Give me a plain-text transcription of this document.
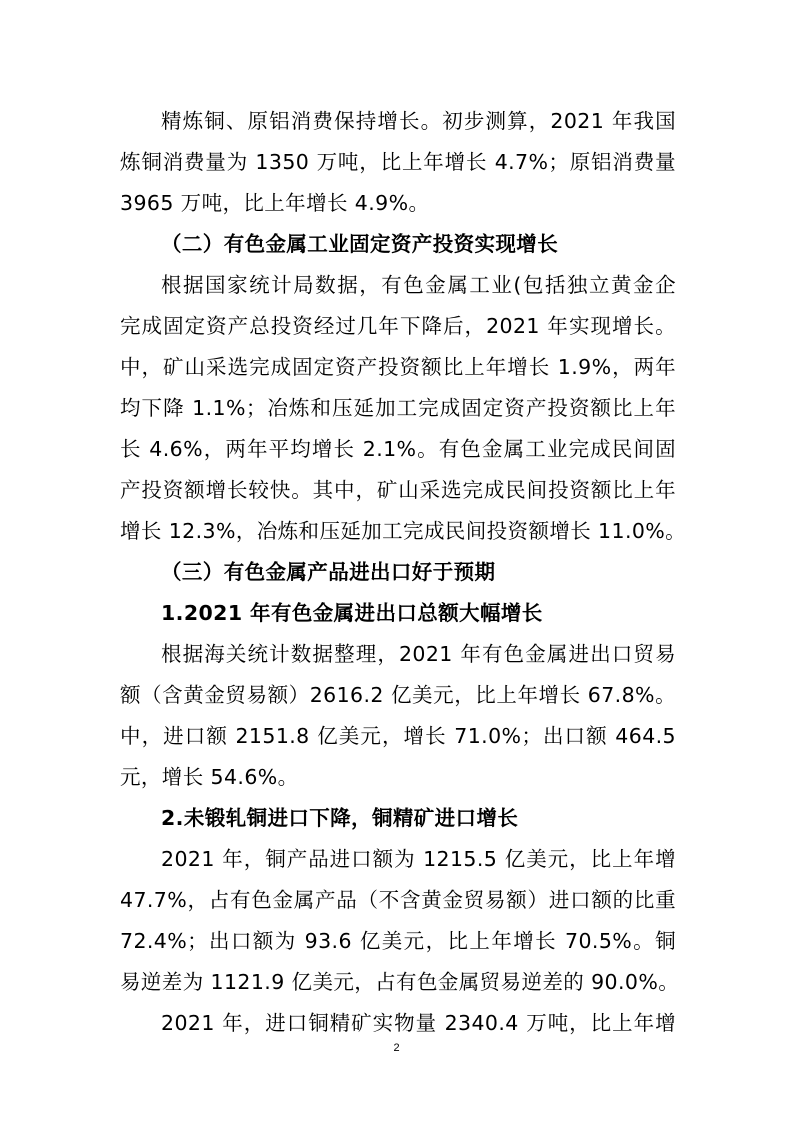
精炼铜、原铝消费保持增长。初步测算，2021 年我国
炼铜消费量为 1350 万吨，比上年增长 4.7%；原铝消费量
3965 万吨，比上年增长 4.9%。
（二）有色金属工业固定资产投资实现增长
根据国家统计局数据，有色金属工业(包括独立黄金企
完成固定资产总投资经过几年下降后，2021 年实现增长。
中，矿山采选完成固定资产投资额比上年增长 1.9%，两年
均下降 1.1%；冶炼和压延加工完成固定资产投资额比上年
长 4.6%，两年平均增长 2.1%。有色金属工业完成民间固
产投资额增长较快。其中，矿山采选完成民间投资额比上年
增长 12.3%，冶炼和压延加工完成民间投资额增长 11.0%。
（三）有色金属产品进出口好于预期
1.2021 年有色金属进出口总额大幅增长
根据海关统计数据整理，2021 年有色金属进出口贸易
额（含黄金贸易额）2616.2 亿美元，比上年增长 67.8%。
中，进口额 2151.8 亿美元，增长 71.0%；出口额 464.5
元，增长 54.6%。
2.未锻轧铜进口下降，铜精矿进口增长
2021 年，铜产品进口额为 1215.5 亿美元，比上年增
47.7%，占有色金属产品（不含黄金贸易额）进口额的比重
72.4%；出口额为 93.6 亿美元，比上年增长 70.5%。铜
易逆差为 1121.9 亿美元，占有色金属贸易逆差的 90.0%。
2021 年，进口铜精矿实物量 2340.4 万吨，比上年增
2
